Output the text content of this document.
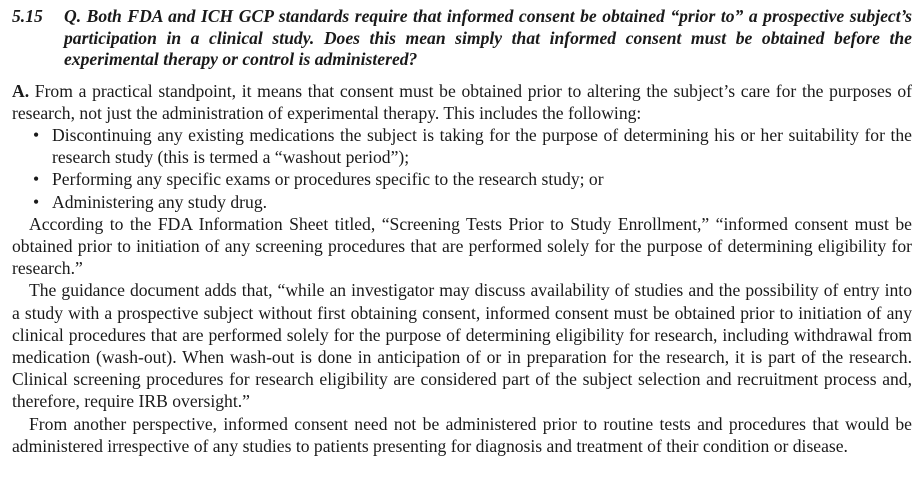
5.15	Q. Both FDA and ICH GCP standards require that informed consent be obtained “prior to” a prospective subject’s participation in a clinical study. Does this mean simply that informed consent must be obtained before the experimental therapy or control is administered?

A. From a practical standpoint, it means that consent must be obtained prior to altering the subject’s care for the purposes of research, not just the administration of experimental therapy. This includes the following:

• Discontinuing any existing medications the subject is taking for the purpose of determining his or her suitability for the research study (this is termed a “washout period”);
• Performing any specific exams or procedures specific to the research study; or
• Administering any study drug.

According to the FDA Information Sheet titled, “Screening Tests Prior to Study Enrollment,” “informed consent must be obtained prior to initiation of any screening procedures that are performed solely for the purpose of determining eligibility for research.”

The guidance document adds that, “while an investigator may discuss availability of studies and the possibility of entry into a study with a prospective subject without first obtaining consent, informed consent must be obtained prior to initiation of any clinical procedures that are performed solely for the purpose of determining eligibility for research, including withdrawal from medication (wash-out). When wash-out is done in anticipation of or in preparation for the research, it is part of the research. Clinical screening procedures for research eligibility are considered part of the subject selection and recruitment process and, therefore, require IRB oversight.”

From another perspective, informed consent need not be administered prior to routine tests and procedures that would be administered irrespective of any studies to patients presenting for diagnosis and treatment of their condition or disease.
